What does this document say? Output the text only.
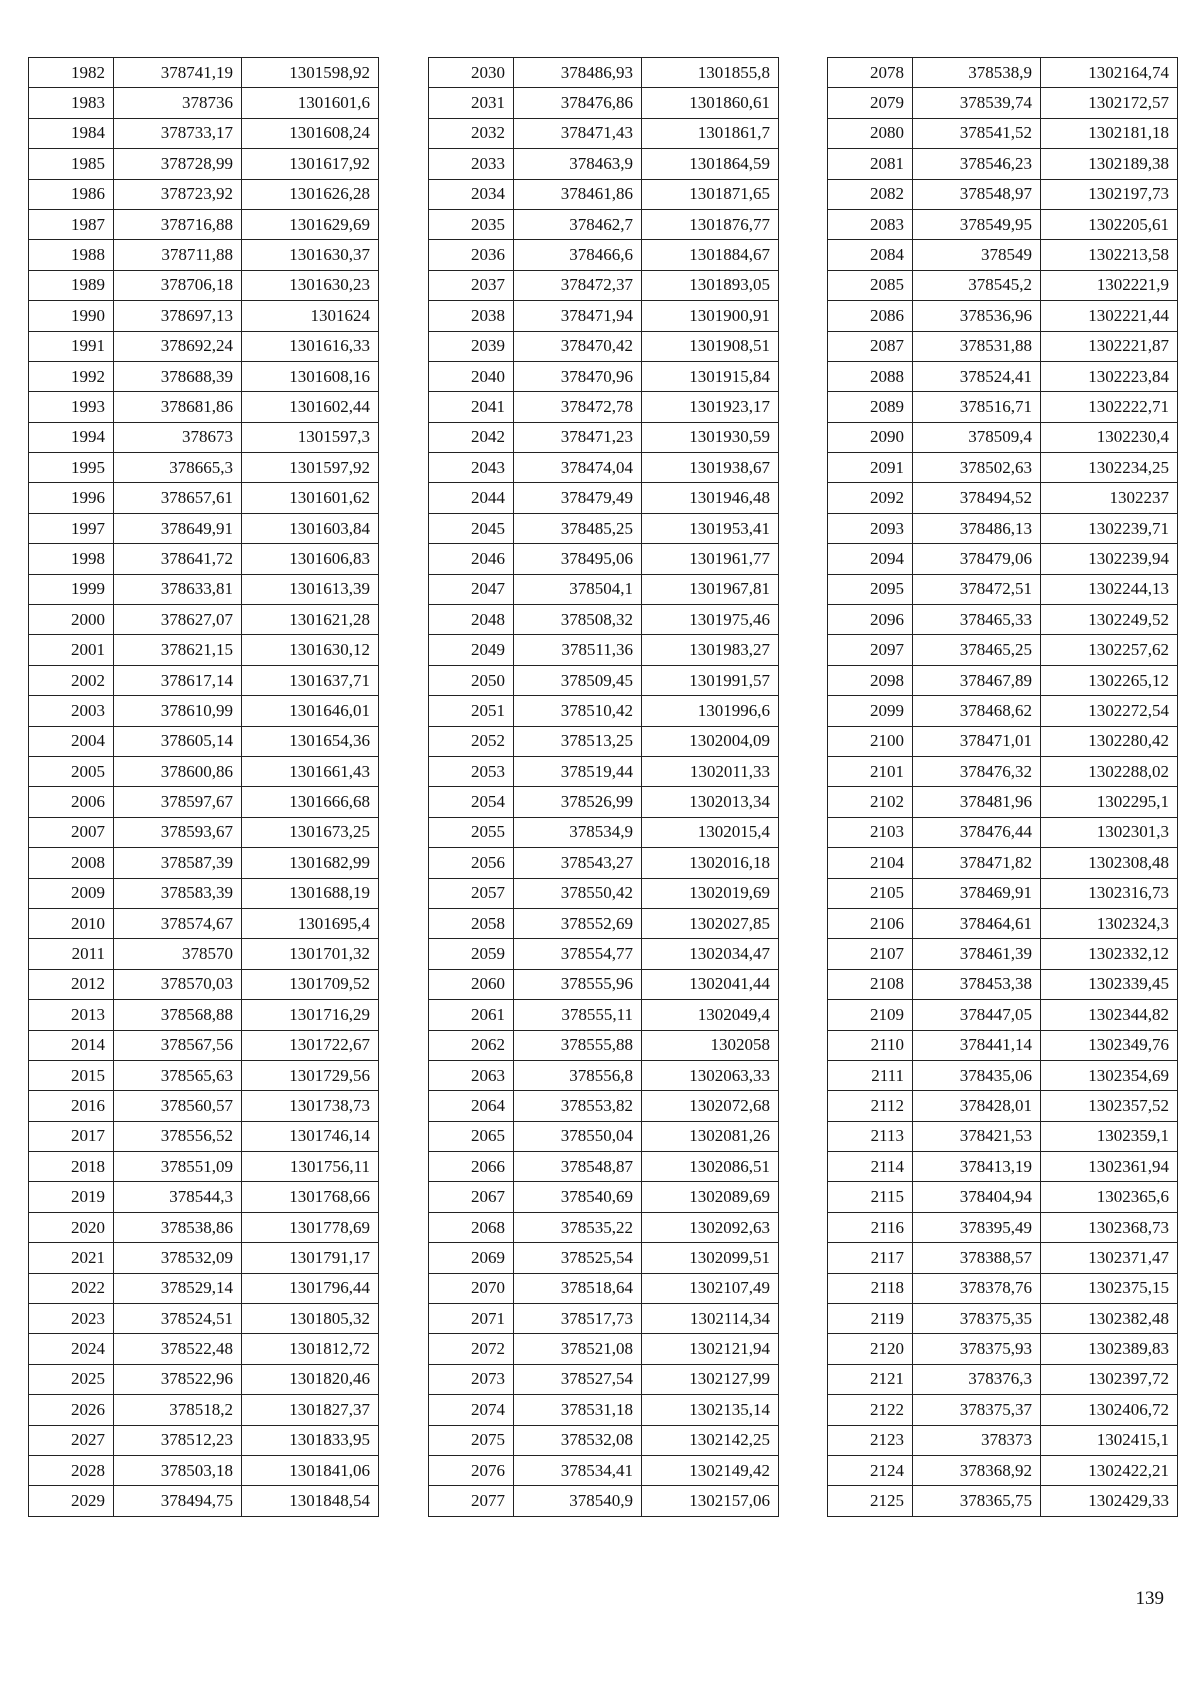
1982	378741,19	1301598,92
1983	378736	1301601,6
1984	378733,17	1301608,24
1985	378728,99	1301617,92
1986	378723,92	1301626,28
1987	378716,88	1301629,69
1988	378711,88	1301630,37
1989	378706,18	1301630,23
1990	378697,13	1301624
1991	378692,24	1301616,33
1992	378688,39	1301608,16
1993	378681,86	1301602,44
1994	378673	1301597,3
1995	378665,3	1301597,92
1996	378657,61	1301601,62
1997	378649,91	1301603,84
1998	378641,72	1301606,83
1999	378633,81	1301613,39
2000	378627,07	1301621,28
2001	378621,15	1301630,12
2002	378617,14	1301637,71
2003	378610,99	1301646,01
2004	378605,14	1301654,36
2005	378600,86	1301661,43
2006	378597,67	1301666,68
2007	378593,67	1301673,25
2008	378587,39	1301682,99
2009	378583,39	1301688,19
2010	378574,67	1301695,4
2011	378570	1301701,32
2012	378570,03	1301709,52
2013	378568,88	1301716,29
2014	378567,56	1301722,67
2015	378565,63	1301729,56
2016	378560,57	1301738,73
2017	378556,52	1301746,14
2018	378551,09	1301756,11
2019	378544,3	1301768,66
2020	378538,86	1301778,69
2021	378532,09	1301791,17
2022	378529,14	1301796,44
2023	378524,51	1301805,32
2024	378522,48	1301812,72
2025	378522,96	1301820,46
2026	378518,2	1301827,37
2027	378512,23	1301833,95
2028	378503,18	1301841,06
2029	378494,75	1301848,54
2030	378486,93	1301855,8
2031	378476,86	1301860,61
2032	378471,43	1301861,7
2033	378463,9	1301864,59
2034	378461,86	1301871,65
2035	378462,7	1301876,77
2036	378466,6	1301884,67
2037	378472,37	1301893,05
2038	378471,94	1301900,91
2039	378470,42	1301908,51
2040	378470,96	1301915,84
2041	378472,78	1301923,17
2042	378471,23	1301930,59
2043	378474,04	1301938,67
2044	378479,49	1301946,48
2045	378485,25	1301953,41
2046	378495,06	1301961,77
2047	378504,1	1301967,81
2048	378508,32	1301975,46
2049	378511,36	1301983,27
2050	378509,45	1301991,57
2051	378510,42	1301996,6
2052	378513,25	1302004,09
2053	378519,44	1302011,33
2054	378526,99	1302013,34
2055	378534,9	1302015,4
2056	378543,27	1302016,18
2057	378550,42	1302019,69
2058	378552,69	1302027,85
2059	378554,77	1302034,47
2060	378555,96	1302041,44
2061	378555,11	1302049,4
2062	378555,88	1302058
2063	378556,8	1302063,33
2064	378553,82	1302072,68
2065	378550,04	1302081,26
2066	378548,87	1302086,51
2067	378540,69	1302089,69
2068	378535,22	1302092,63
2069	378525,54	1302099,51
2070	378518,64	1302107,49
2071	378517,73	1302114,34
2072	378521,08	1302121,94
2073	378527,54	1302127,99
2074	378531,18	1302135,14
2075	378532,08	1302142,25
2076	378534,41	1302149,42
2077	378540,9	1302157,06
2078	378538,9	1302164,74
2079	378539,74	1302172,57
2080	378541,52	1302181,18
2081	378546,23	1302189,38
2082	378548,97	1302197,73
2083	378549,95	1302205,61
2084	378549	1302213,58
2085	378545,2	1302221,9
2086	378536,96	1302221,44
2087	378531,88	1302221,87
2088	378524,41	1302223,84
2089	378516,71	1302222,71
2090	378509,4	1302230,4
2091	378502,63	1302234,25
2092	378494,52	1302237
2093	378486,13	1302239,71
2094	378479,06	1302239,94
2095	378472,51	1302244,13
2096	378465,33	1302249,52
2097	378465,25	1302257,62
2098	378467,89	1302265,12
2099	378468,62	1302272,54
2100	378471,01	1302280,42
2101	378476,32	1302288,02
2102	378481,96	1302295,1
2103	378476,44	1302301,3
2104	378471,82	1302308,48
2105	378469,91	1302316,73
2106	378464,61	1302324,3
2107	378461,39	1302332,12
2108	378453,38	1302339,45
2109	378447,05	1302344,82
2110	378441,14	1302349,76
2111	378435,06	1302354,69
2112	378428,01	1302357,52
2113	378421,53	1302359,1
2114	378413,19	1302361,94
2115	378404,94	1302365,6
2116	378395,49	1302368,73
2117	378388,57	1302371,47
2118	378378,76	1302375,15
2119	378375,35	1302382,48
2120	378375,93	1302389,83
2121	378376,3	1302397,72
2122	378375,37	1302406,72
2123	378373	1302415,1
2124	378368,92	1302422,21
2125	378365,75	1302429,33
139
